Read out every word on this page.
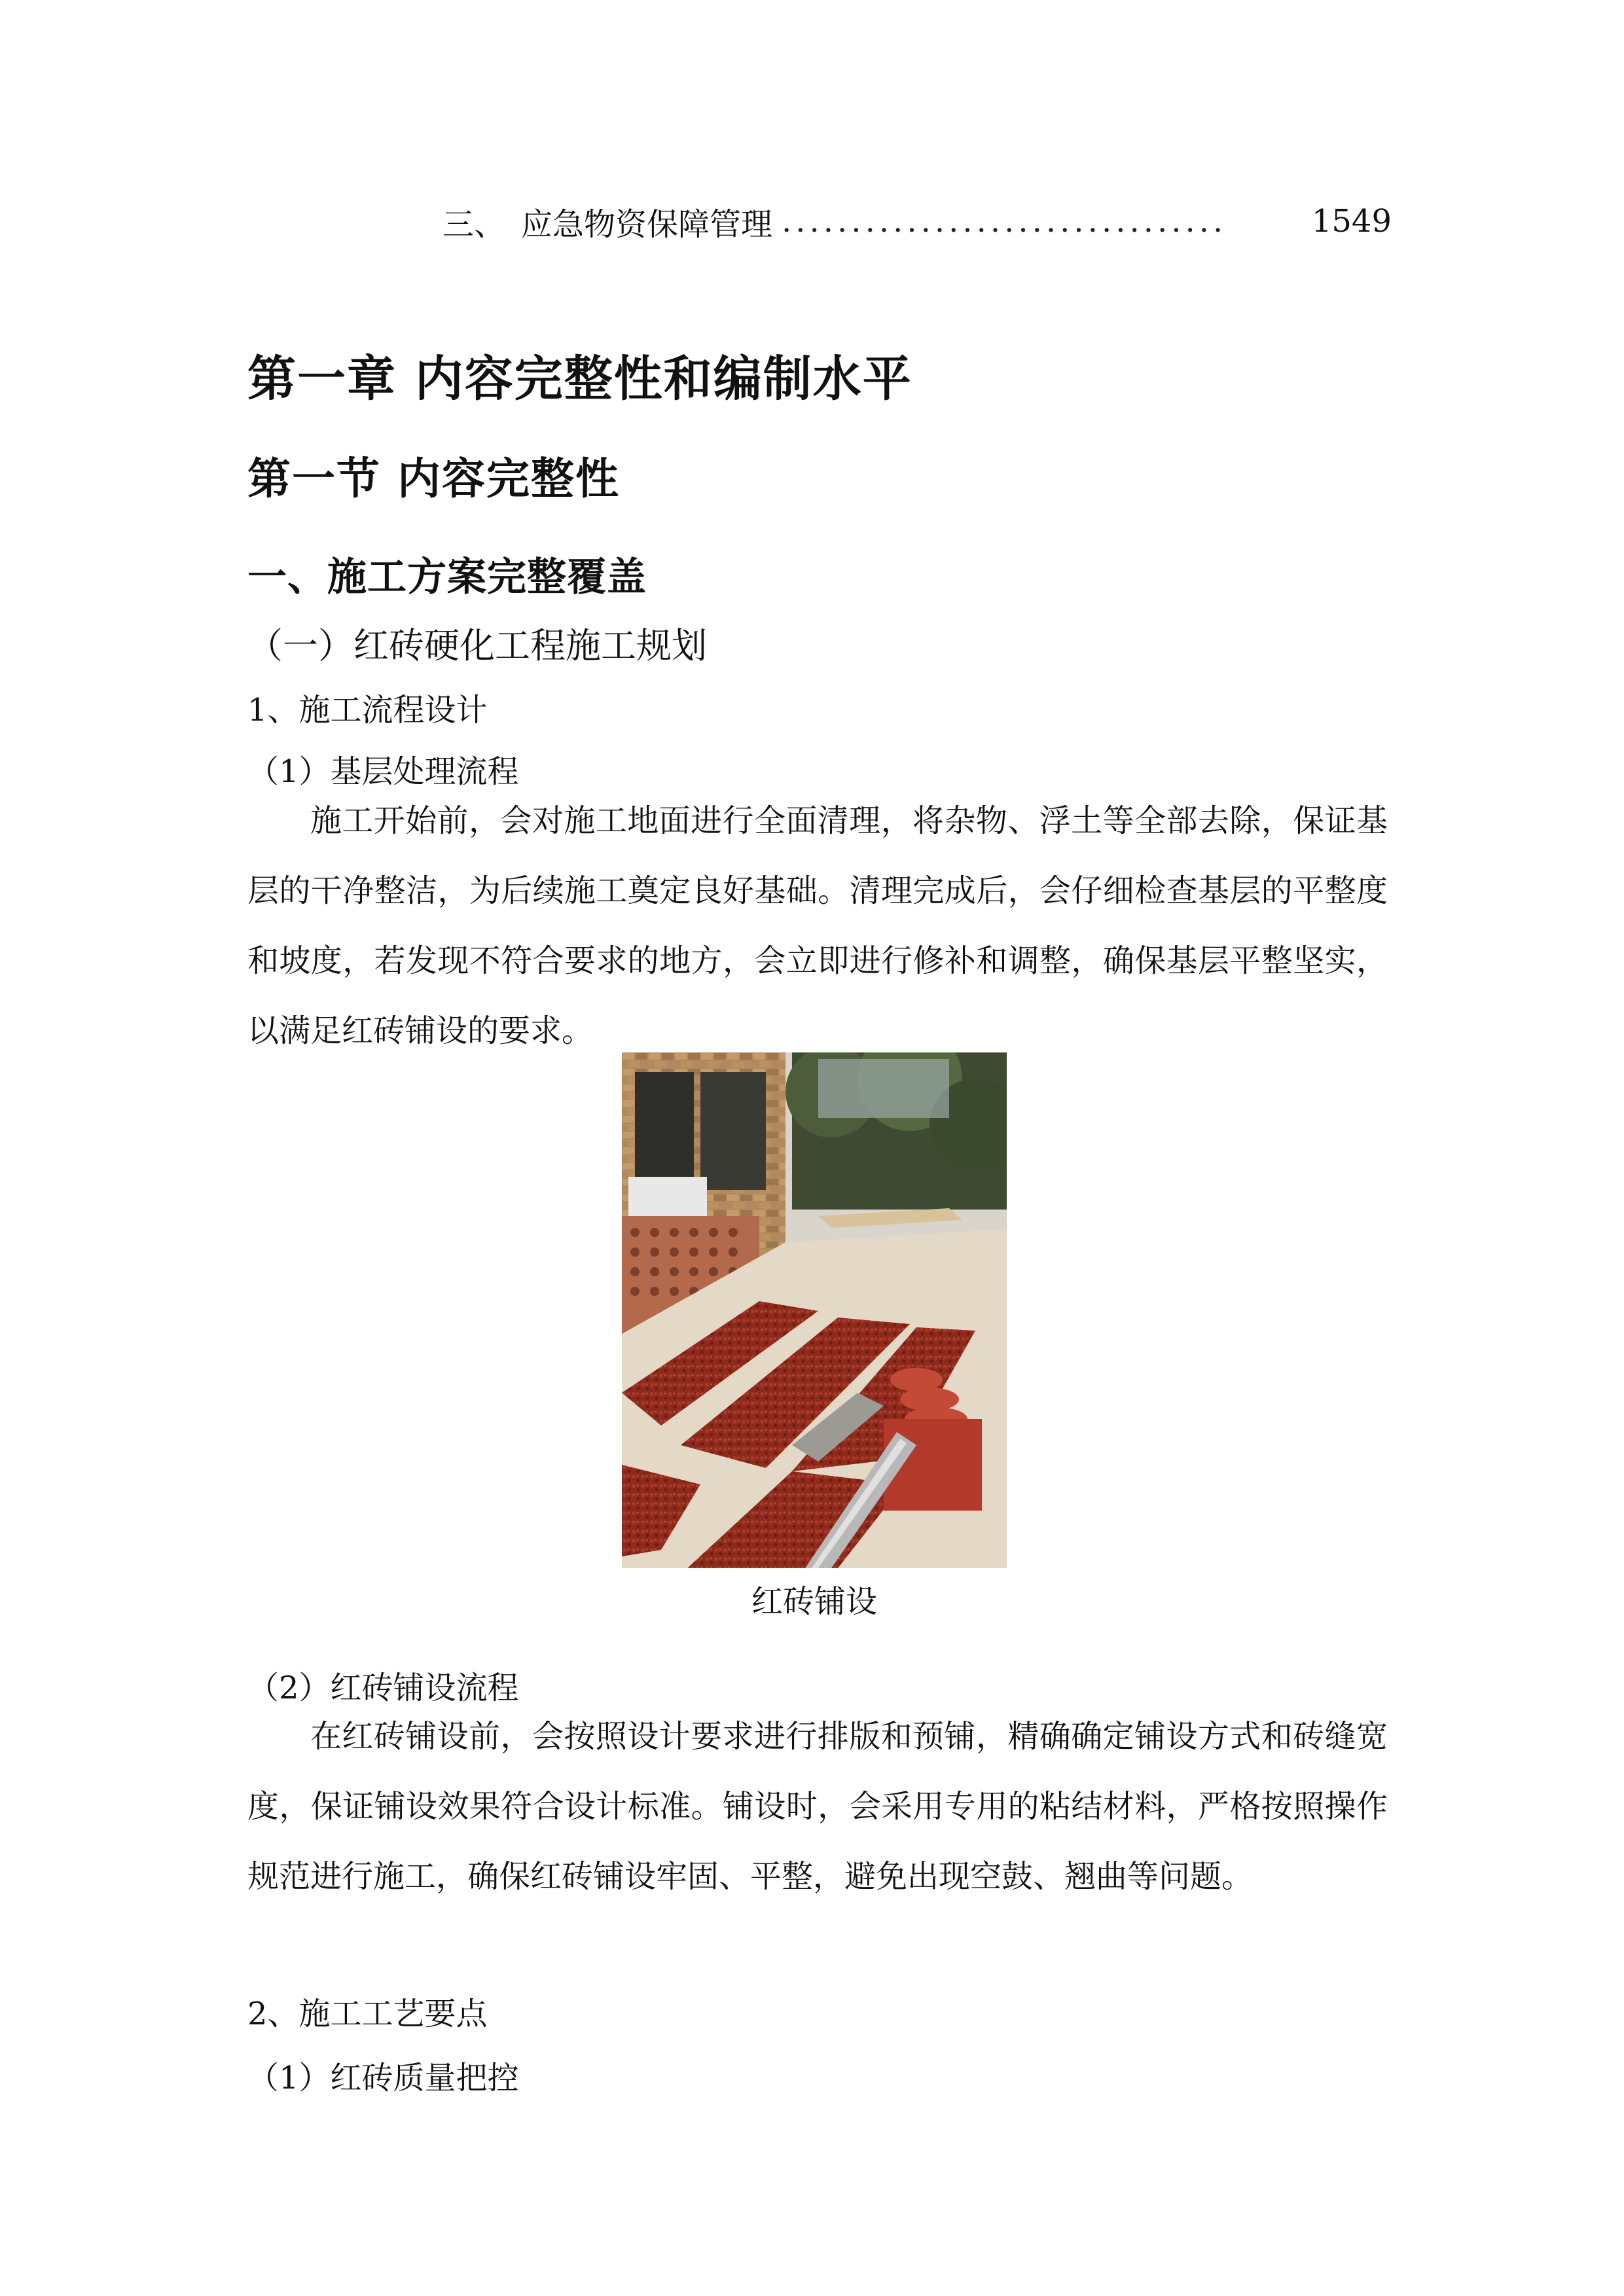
三、 应急物资保障管理 ................................	1549
第一章 内容完整性和编制水平
第一节 内容完整性
一、施工方案完整覆盖
（一）红砖硬化工程施工规划
1、施工流程设计
（1）基层处理流程
施工开始前，会对施工地面进行全面清理，将杂物、浮土等全部去除，保证基层的干净整洁，为后续施工奠定良好基础。清理完成后，会仔细检查基层的平整度和坡度，若发现不符合要求的地方，会立即进行修补和调整，确保基层平整坚实，以满足红砖铺设的要求。
红砖铺设
（2）红砖铺设流程
在红砖铺设前，会按照设计要求进行排版和预铺，精确确定铺设方式和砖缝宽度，保证铺设效果符合设计标准。铺设时，会采用专用的粘结材料，严格按照操作规范进行施工，确保红砖铺设牢固、平整，避免出现空鼓、翘曲等问题。
2、施工工艺要点
（1）红砖质量把控
